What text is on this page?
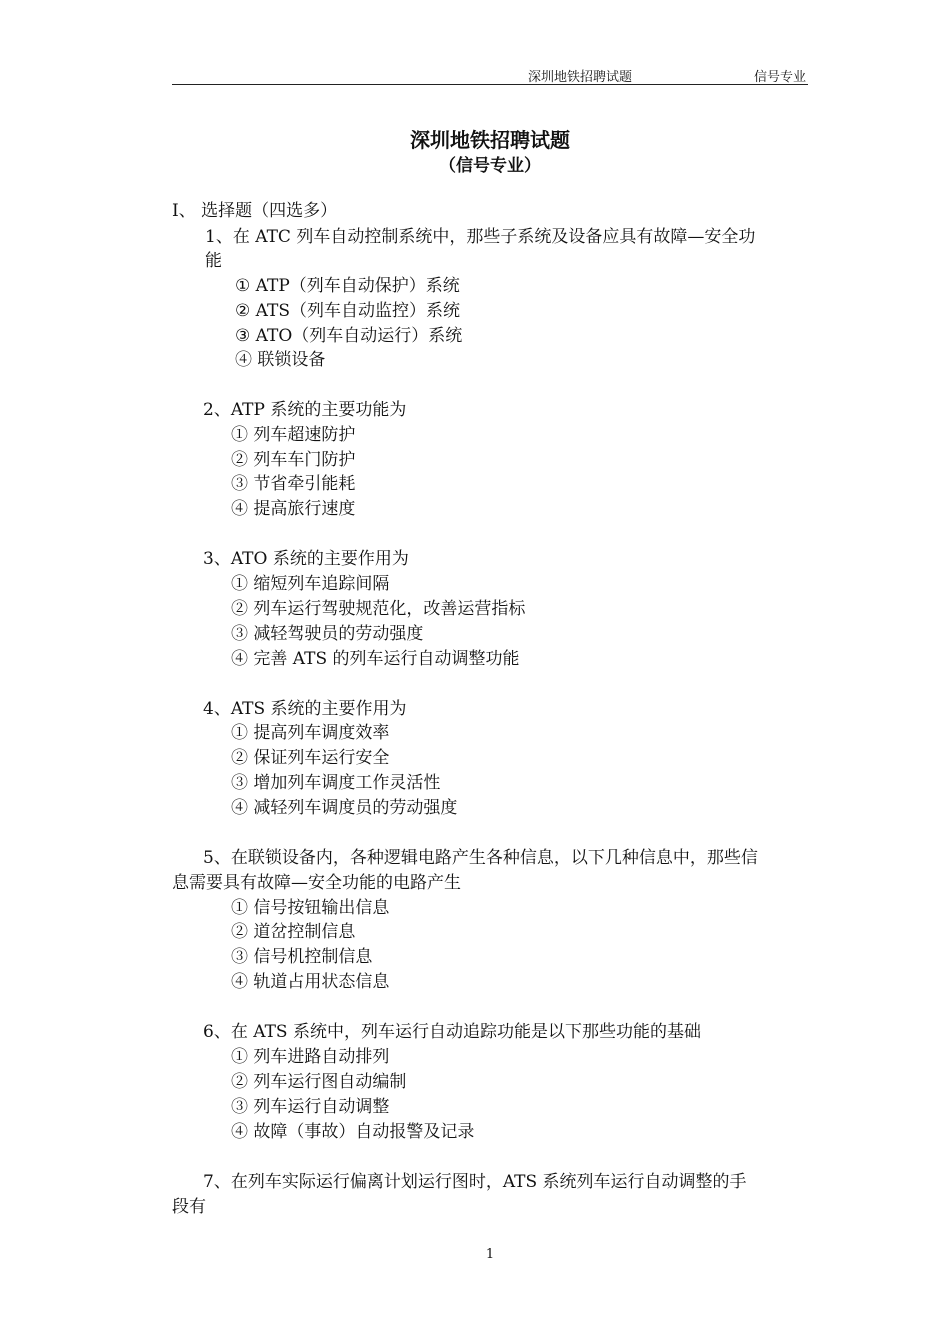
深圳地铁招聘试题	信号专业
深圳地铁招聘试题
（信号专业）
I、 选择题（四选多）
1、在 ATC 列车自动控制系统中，那些子系统及设备应具有故障—安全功
能
① ATP（列车自动保护）系统
② ATS（列车自动监控）系统
③ ATO（列车自动运行）系统
④ 联锁设备
2、ATP 系统的主要功能为
① 列车超速防护
② 列车车门防护
③ 节省牵引能耗
④ 提高旅行速度
3、ATO 系统的主要作用为
① 缩短列车追踪间隔
② 列车运行驾驶规范化，改善运营指标
③ 减轻驾驶员的劳动强度
④ 完善 ATS 的列车运行自动调整功能
4、ATS 系统的主要作用为
① 提高列车调度效率
② 保证列车运行安全
③ 增加列车调度工作灵活性
④ 减轻列车调度员的劳动强度
5、在联锁设备内，各种逻辑电路产生各种信息，以下几种信息中，那些信
息需要具有故障—安全功能的电路产生
① 信号按钮输出信息
② 道岔控制信息
③ 信号机控制信息
④ 轨道占用状态信息
6、在 ATS 系统中，列车运行自动追踪功能是以下那些功能的基础
① 列车进路自动排列
② 列车运行图自动编制
③ 列车运行自动调整
④ 故障（事故）自动报警及记录
7、在列车实际运行偏离计划运行图时，ATS 系统列车运行自动调整的手
段有
1
